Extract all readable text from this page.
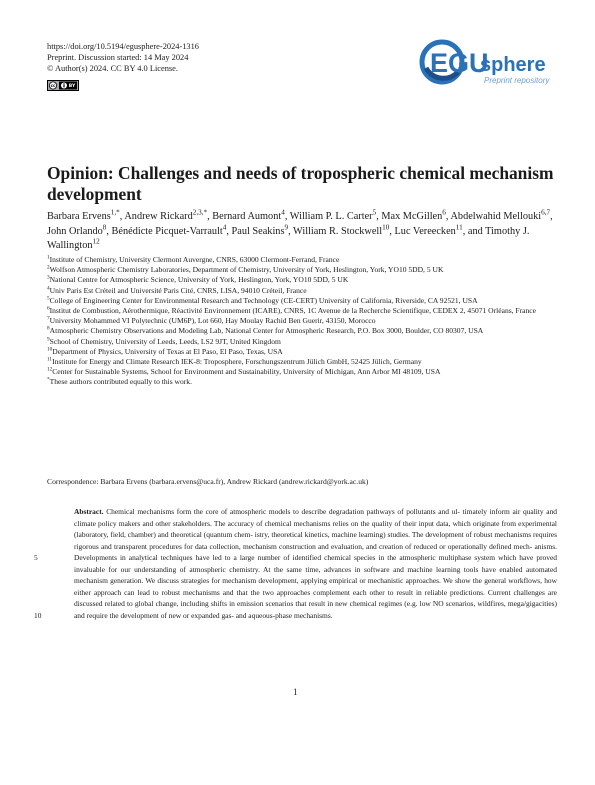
https://doi.org/10.5194/egusphere-2024-1316
Preprint. Discussion started: 14 May 2024
© Author(s) 2024. CC BY 4.0 License.
cc	BY
EGU
sphere
Preprint repository
Opinion: Challenges and needs of tropospheric chemical mechanism development
Barbara Ervens$^{1,*}$, Andrew Rickard$^{2,3,*}$, Bernard Aumont$^4$, William P. L. Carter$^5$, Max McGillen$^6$, Abdelwahid Mellouki$^{6,7}$, John Orlando$^8$, Bénédicte Picquet-Varrault$^4$, Paul Seakins$^9$, William R. Stockwell$^{10}$, Luc Vereecken$^{11}$, and Timothy J. Wallington$^{12}$
$^1$Institute of Chemistry, University Clermont Auvergne, CNRS, 63000 Clermont-Ferrand, France
$^2$Wolfson Atmospheric Chemistry Laboratories, Department of Chemistry, University of York, Heslington, York, YO10 5DD, 5 UK
$^3$National Centre for Atmospheric Science, University of York, Heslington, York, YO10 5DD, 5 UK
$^4$Univ Paris Est Créteil and Université Paris Cité, CNRS, LISA, 94010 Créteil, France
$^5$College of Engineering Center for Environmental Research and Technology (CE-CERT) University of California, Riverside, CA 92521, USA
$^6$Institut de Combustion, Aérothermique, Réactivité Environnement (ICARE), CNRS, 1C Avenue de la Recherche Scientifique, CEDEX 2, 45071 Orléans, France
$^7$University Mohammed VI Polytechnic (UM6P), Lot 660, Hay Moulay Rachid Ben Guerir, 43150, Morocco
$^8$Atmospheric Chemistry Observations and Modeling Lab, National Center for Atmospheric Research, P.O. Box 3000, Boulder, CO 80307, USA
$^9$School of Chemistry, University of Leeds, Leeds, LS2 9JT, United Kingdom
$^{10}$Department of Physics, University of Texas at El Paso, El Paso, Texas, USA
$^{11}$Institute for Energy and Climate Research IEK-8: Troposphere, Forschungszentrum Jülich GmbH, 52425 Jülich, Germany
$^{12}$Center for Sustainable Systems, School for Environment and Sustainability, University of Michigan, Ann Arbor MI 48109, USA
*These authors contributed equally to this work.
Correspondence: Barbara Ervens (barbara.ervens@uca.fr), Andrew Rickard (andrew.rickard@york.ac.uk)
Abstract. Chemical mechanisms form the core of atmospheric models to describe degradation pathways of pollutants and ul- timately inform air quality and climate policy makers and other stakeholders. The accuracy of chemical mechanisms relies on the quality of their input data, which originate from experimental (laboratory, field, chamber) and theoretical (quantum chem- istry, theoretical kinetics, machine learning) studies. The development of robust mechanisms requires rigorous and transparent procedures for data collection, mechanism construction and evaluation, and creation of reduced or operationally defined mech- anisms. Developments in analytical techniques have led to a large number of identified chemical species in the atmospheric multiphase system which have proved invaluable for our understanding of atmospheric chemistry. At the same time, advances in software and machine learning tools have enabled automated mechanism generation. We discuss strategies for mechanism development, applying empirical or mechanistic approaches. We show the general workflows, how either approach can lead to robust mechanisms and that the two approaches complement each other to result in reliable predictions. Current challenges are discussed related to global change, including shifts in emission scenarios that result in new chemical regimes (e.g. low NO scenarios, wildfires, mega/gigacities) and require the development of new or expanded gas- and aqueous-phase mechanisms.
5
10
1
